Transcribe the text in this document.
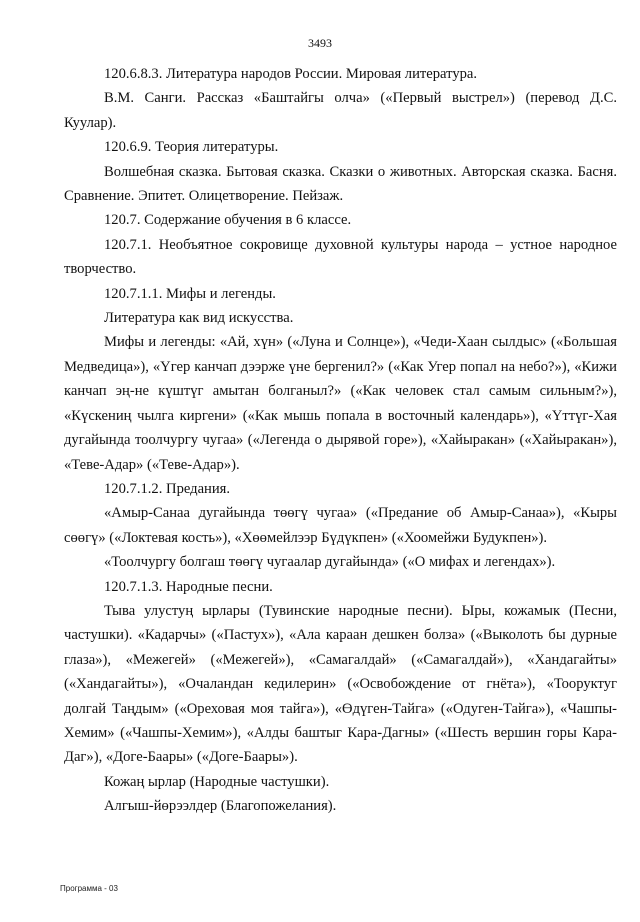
3493

120.6.8.3. Литература народов России. Мировая литература.

В.М. Санги. Рассказ «Баштайгы олча» («Первый выстрел») (перевод Д.С. Куулар).

120.6.9. Теория литературы.

Волшебная сказка. Бытовая сказка. Сказки о животных. Авторская сказка. Басня. Сравнение. Эпитет. Олицетворение. Пейзаж.

120.7. Содержание обучения в 6 классе.

120.7.1. Необъятное сокровище духовной культуры народа – устное народное творчество.

120.7.1.1. Мифы и легенды.

Литература как вид искусства.

Мифы и легенды: «Ай, хүн» («Луна и Солнце»), «Чеди-Хаан сылдыс» («Большая Медведица»), «Үгер канчап дээрже үне бергенил?» («Как Угер попал на небо?»), «Кижи канчап эң-не күштүг амытан болганыл?» («Как человек стал самым сильным?»), «Күскениң чылга киргени» («Как мышь попала в восточный календарь»), «Үттүг-Хая дугайында тоолчургу чугаа» («Легенда о дырявой горе»), «Хайыракан» («Хайыракан»), «Теве-Адар» («Теве-Адар»).

120.7.1.2. Предания.

«Амыр-Санаа дугайында төөгү чугаа» («Предание об Амыр-Санаа»), «Кыры сөөгү» («Локтевая кость»), «Хөөмейлээр Бүдүкпен» («Хоомейжи Будукпен»).

«Тоолчургу болгаш төөгү чугаалар дугайында» («О мифах и легендах»).

120.7.1.3. Народные песни.

Тыва улустуң ырлары (Тувинские народные песни). Ыры, кожамык (Песни, частушки). «Кадарчы» («Пастух»), «Ала караан дешкен болза» («Выколоть бы дурные глаза»), «Межегей» («Межегей»), «Самагалдай» («Самагалдай»), «Хандагайты» («Хандагайты»), «Очаландан кедилерин» («Освобождение от гнёта»), «Тооруктуг долгай Таңдым» («Ореховая моя тайга»), «Өдүген-Тайга» («Одуген-Тайга»), «Чашпы-Хемим» («Чашпы-Хемим»), «Алды баштыг Кара-Дагны» («Шесть вершин горы Кара-Даг»), «Доге-Баары» («Доге-Баары»).

Кожаң ырлар (Народные частушки).

Алгыш-йөрээлдер (Благопожелания).

Программа - 03
